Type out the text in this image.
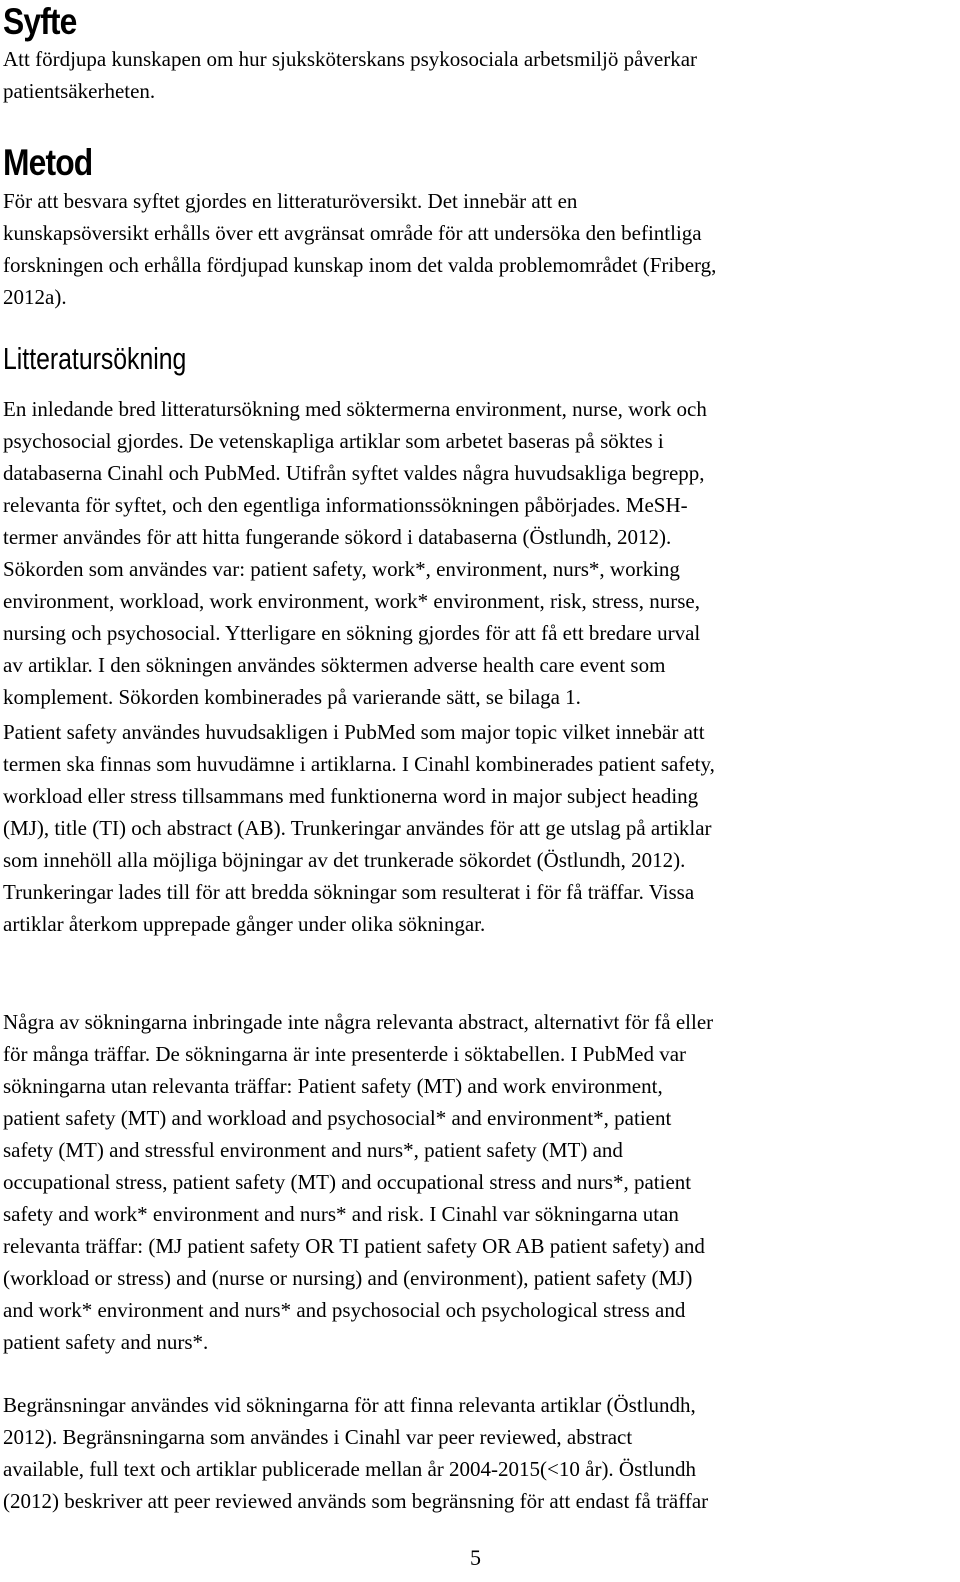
Syfte
Att fördjupa kunskapen om hur sjuksköterskans psykosociala arbetsmiljö påverkar
patientsäkerheten.
Metod
För att besvara syftet gjordes en litteraturöversikt. Det innebär att en
kunskapsöversikt erhålls över ett avgränsat område för att undersöka den befintliga
forskningen och erhålla fördjupad kunskap inom det valda problemområdet (Friberg,
2012a).
Litteratursökning
En inledande bred litteratursökning med söktermerna environment, nurse, work och
psychosocial gjordes. De vetenskapliga artiklar som arbetet baseras på söktes i
databaserna Cinahl och PubMed. Utifrån syftet valdes några huvudsakliga begrepp,
relevanta för syftet, och den egentliga informationssökningen påbörjades. MeSH-
termer användes för att hitta fungerande sökord i databaserna (Östlundh, 2012).
Sökorden som användes var: patient safety, work*, environment, nurs*, working
environment, workload, work environment, work* environment, risk, stress, nurse,
nursing och psychosocial. Ytterligare en sökning gjordes för att få ett bredare urval
av artiklar. I den sökningen användes söktermen adverse health care event som
komplement. Sökorden kombinerades på varierande sätt, se bilaga 1.
Patient safety användes huvudsakligen i PubMed som major topic vilket innebär att
termen ska finnas som huvudämne i artiklarna. I Cinahl kombinerades patient safety,
workload eller stress tillsammans med funktionerna word in major subject heading
(MJ), title (TI) och abstract (AB). Trunkeringar användes för att ge utslag på artiklar
som innehöll alla möjliga böjningar av det trunkerade sökordet (Östlundh, 2012).
Trunkeringar lades till för att bredda sökningar som resulterat i för få träffar. Vissa
artiklar återkom upprepade gånger under olika sökningar.
Några av sökningarna inbringade inte några relevanta abstract, alternativt för få eller
för många träffar. De sökningarna är inte presenterde i söktabellen. I PubMed var
sökningarna utan relevanta träffar: Patient safety (MT) and work environment,
patient safety (MT) and workload and psychosocial* and environment*, patient
safety (MT) and stressful environment and nurs*, patient safety (MT) and
occupational stress, patient safety (MT) and occupational stress and nurs*, patient
safety and work* environment and nurs* and risk. I Cinahl var sökningarna utan
relevanta träffar: (MJ patient safety OR TI patient safety OR AB patient safety) and
(workload or stress) and (nurse or nursing) and (environment), patient safety (MJ)
and work* environment and nurs* and psychosocial och psychological stress and
patient safety and nurs*.
Begränsningar användes vid sökningarna för att finna relevanta artiklar (Östlundh,
2012). Begränsningarna som användes i Cinahl var peer reviewed, abstract
available, full text och artiklar publicerade mellan år 2004-2015(<10 år). Östlundh
(2012) beskriver att peer reviewed används som begränsning för att endast få träffar

5
